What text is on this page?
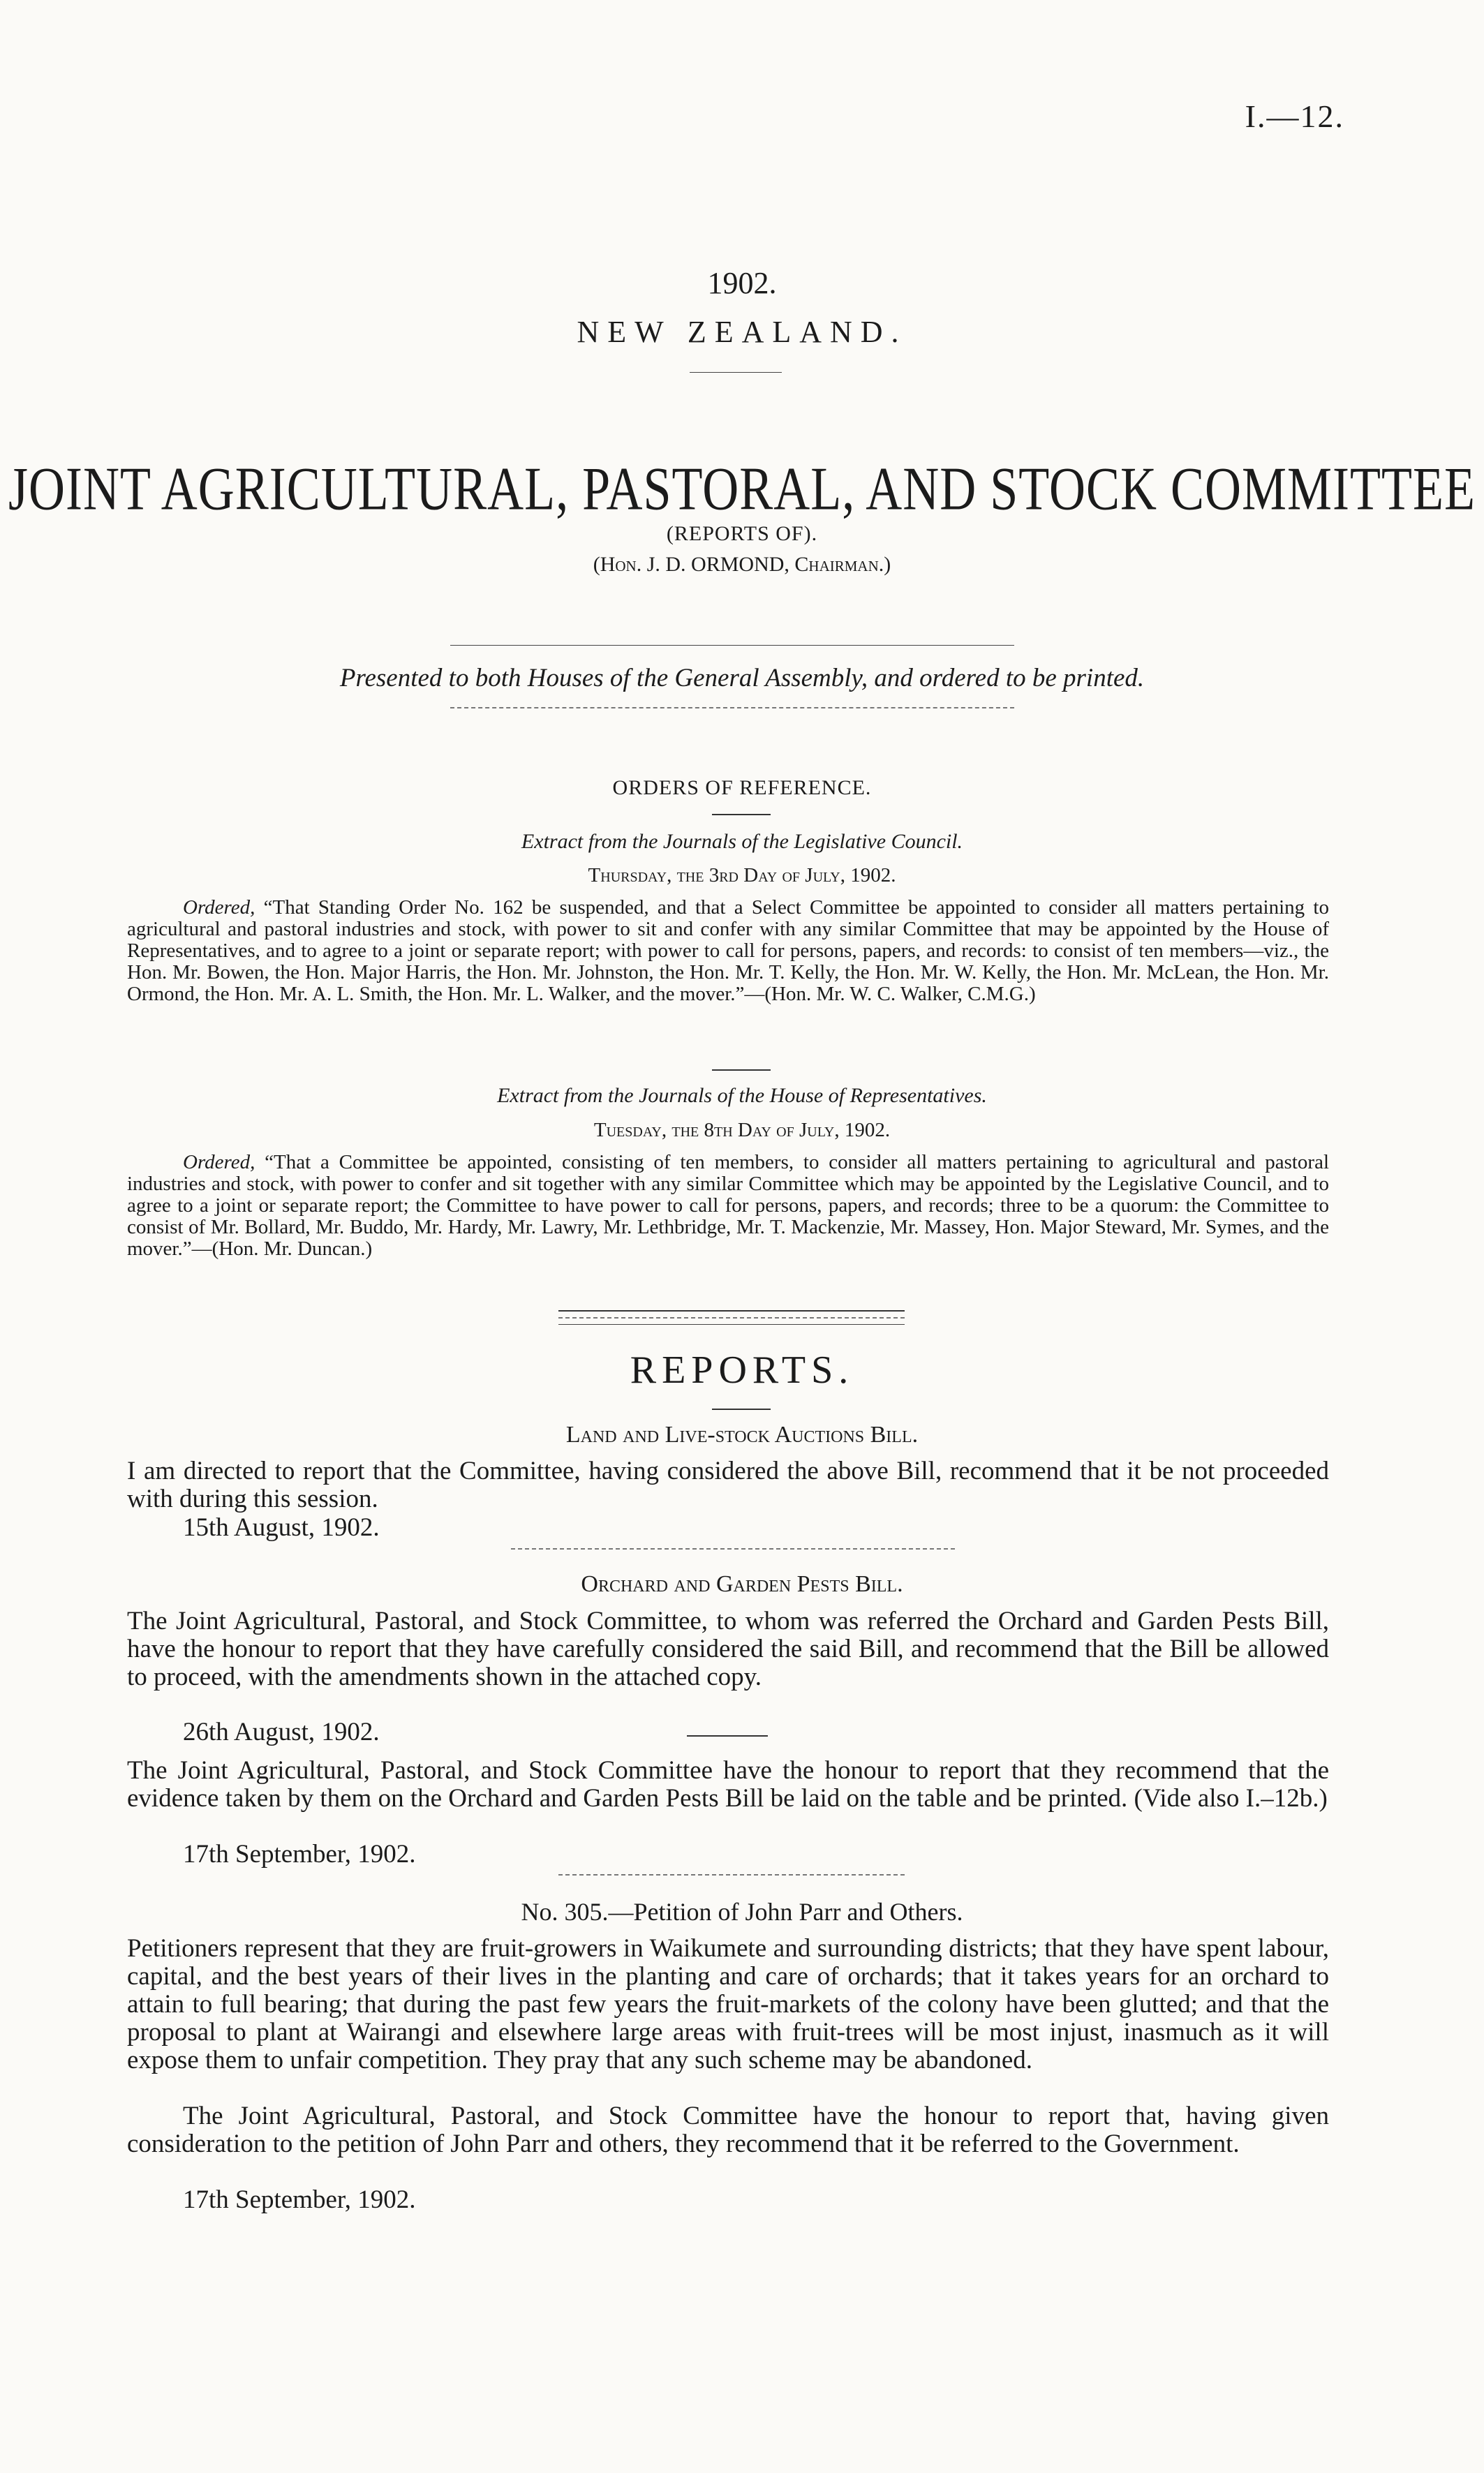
I.—12.
1902.
NEW ZEALAND.
JOINT AGRICULTURAL, PASTORAL, AND STOCK COMMITTEE
(REPORTS OF).
(Hon. J. D. ORMOND, Chairman.)
Presented to both Houses of the General Assembly, and ordered to be printed.
ORDERS OF REFERENCE.
Extract from the Journals of the Legislative Council.
Thursday, the 3rd Day of July, 1902.
Ordered, “That Standing Order No. 162 be suspended, and that a Select Committee be appointed to consider all matters pertaining to agricultural and pastoral industries and stock, with power to sit and confer with any similar Committee that may be appointed by the House of Representatives, and to agree to a joint or separate report; with power to call for persons, papers, and records: to consist of ten members—viz., the Hon. Mr. Bowen, the Hon. Major Harris, the Hon. Mr. Johnston, the Hon. Mr. T. Kelly, the Hon. Mr. W. Kelly, the Hon. Mr. McLean, the Hon. Mr. Ormond, the Hon. Mr. A. L. Smith, the Hon. Mr. L. Walker, and the mover.”—(Hon. Mr. W. C. Walker, C.M.G.)
Extract from the Journals of the House of Representatives.
Tuesday, the 8th Day of July, 1902.
Ordered, “That a Committee be appointed, consisting of ten members, to consider all matters pertaining to agricultural and pastoral industries and stock, with power to confer and sit together with any similar Committee which may be appointed by the Legislative Council, and to agree to a joint or separate report; the Committee to have power to call for persons, papers, and records; three to be a quorum: the Committee to consist of Mr. Bollard, Mr. Buddo, Mr. Hardy, Mr. Lawry, Mr. Lethbridge, Mr. T. Mackenzie, Mr. Massey, Hon. Major Steward, Mr. Symes, and the mover.”—(Hon. Mr. Duncan.)
REPORTS.
Land and Live-stock Auctions Bill.
I am directed to report that the Committee, having considered the above Bill, recommend that it be not proceeded with during this session.
15th August, 1902.
Orchard and Garden Pests Bill.
The Joint Agricultural, Pastoral, and Stock Committee, to whom was referred the Orchard and Garden Pests Bill, have the honour to report that they have carefully considered the said Bill, and recommend that the Bill be allowed to proceed, with the amendments shown in the attached copy.
26th August, 1902.
The Joint Agricultural, Pastoral, and Stock Committee have the honour to report that they recommend that the evidence taken by them on the Orchard and Garden Pests Bill be laid on the table and be printed. (Vide also I.–12b.)
17th September, 1902.
No. 305.—Petition of John Parr and Others.
Petitioners represent that they are fruit-growers in Waikumete and surrounding districts; that they have spent labour, capital, and the best years of their lives in the planting and care of orchards; that it takes years for an orchard to attain to full bearing; that during the past few years the fruit-markets of the colony have been glutted; and that the proposal to plant at Wairangi and elsewhere large areas with fruit-trees will be most injust, inasmuch as it will expose them to unfair competition. They pray that any such scheme may be abandoned.
The Joint Agricultural, Pastoral, and Stock Committee have the honour to report that, having given consideration to the petition of John Parr and others, they recommend that it be referred to the Government.
17th September, 1902.
